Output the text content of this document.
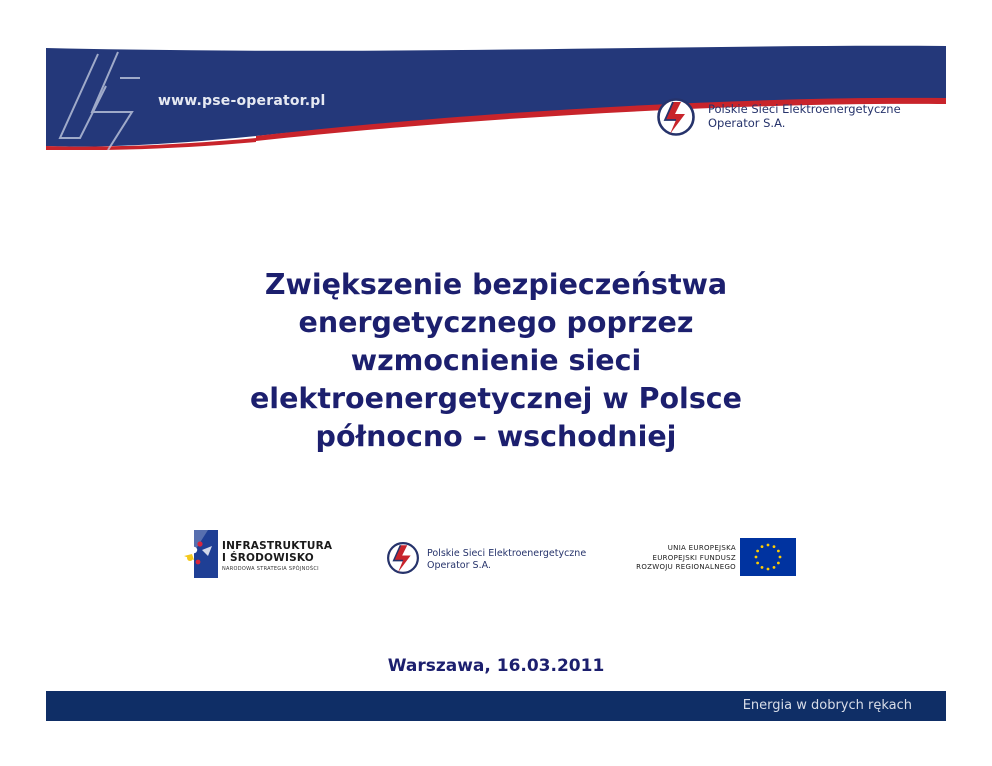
www.pse-operator.pl	Polskie Sieci Elektroenergetyczne
Operator S.A.
Zwiększenie bezpieczeństwa
energetycznego poprzez
wzmocnienie sieci
elektroenergetycznej w Polsce
północno – wschodniej
INFRASTRUKTURA
I ŚRODOWISKO
NARODOWA STRATEGIA SPÓJNOŚCI
Polskie Sieci Elektroenergetyczne
Operator S.A.
UNIA EUROPEJSKA
EUROPEJSKI FUNDUSZ
ROZWOJU REGIONALNEGO
Warszawa, 16.03.2011
Energia w dobrych rękach
